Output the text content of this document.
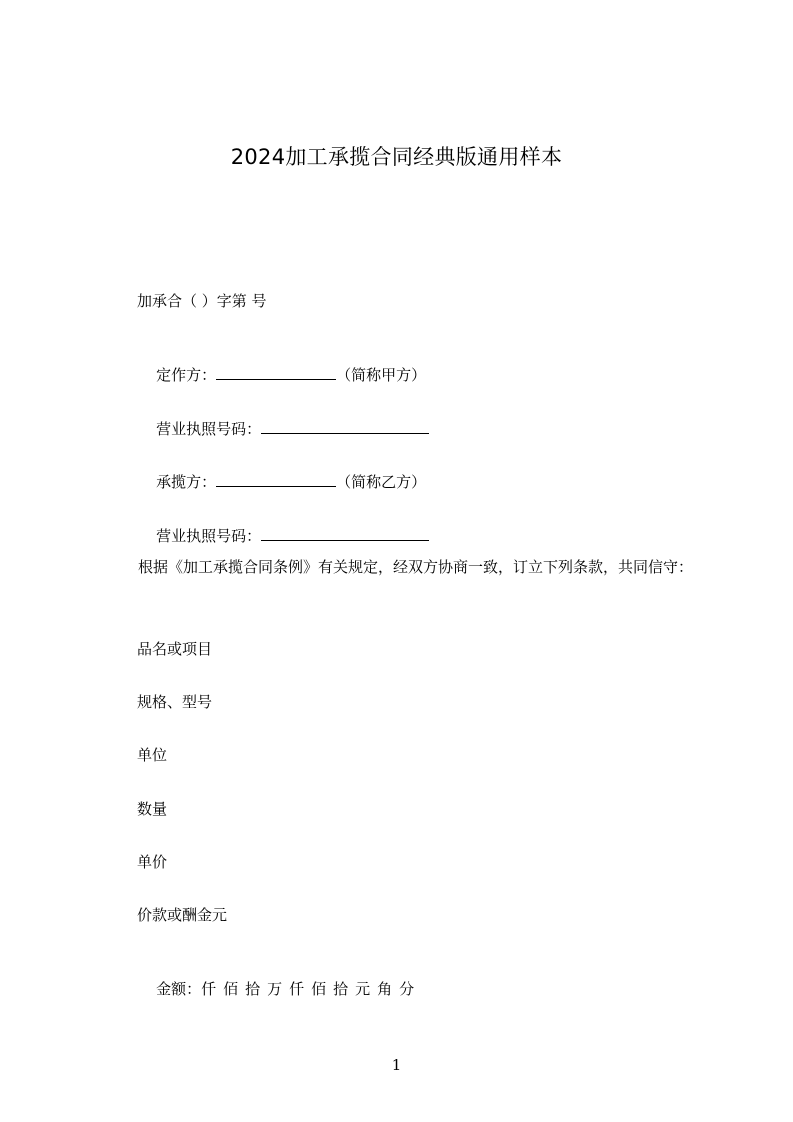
2024加工承揽合同经典版通用样本
加承合（ ）字第 号

定作方：	（简称甲方）

营业执照号码：

承揽方：	（简称乙方）

营业执照号码：

根据《加工承揽合同条例》有关规定，经双方协商一致，订立下列条款，共同信守：
品名或项目
规格、型号
单位
数量
单价
价款或酬金元

金额：仟佰拾万仟佰拾元角分

1
